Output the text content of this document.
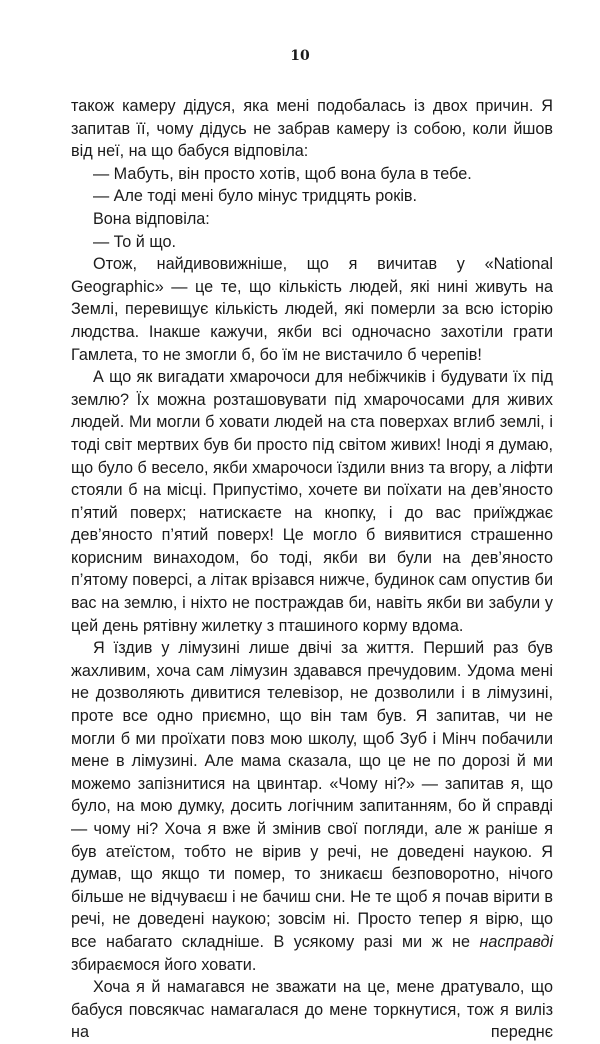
10

також камеру дідуся, яка мені подобалась із двох причин. Я запитав її, чому дідусь не забрав камеру із собою, коли йшов від неї, на що бабуся відповіла:

— Мабуть, він просто хотів, щоб вона була в тебе.

— Але тоді мені було мінус тридцять років.

Вона відповіла:

— То й що.

Отож, найдивовижніше, що я вичитав у «National Geographic» — це те, що кількість людей, які нині живуть на Землі, перевищує кількість людей, які померли за всю історію людства. Інакше кажучи, якби всі одночасно захотіли грати Гамлета, то не змогли б, бо їм не вистачило б черепів!

А що як вигадати хмарочоси для небіжчиків і будувати їх під землю? Їх можна розташовувати під хмарочосами для живих людей. Ми могли б ховати людей на ста поверхах вглиб землі, і тоді світ мертвих був би просто під світом живих! Іноді я думаю, що було б весело, якби хмарочоси їздили вниз та вгору, а ліфти стояли б на місці. Припустімо, хочете ви поїхати на дев’яносто п’ятий поверх; натискаєте на кнопку, і до вас приїжджає дев’яносто п’ятий поверх! Це могло б виявитися страшенно корисним винаходом, бо тоді, якби ви були на дев’яносто п’ятому поверсі, а літак врізався нижче, будинок сам опустив би вас на землю, і ніхто не постраждав би, навіть якби ви забули у цей день рятівну жилетку з пташиного корму вдома.

Я їздив у лімузині лише двічі за життя. Перший раз був жахливим, хоча сам лімузин здавався пречудовим. Удома мені не дозволяють дивитися телевізор, не дозволили і в лімузині, проте все одно приємно, що він там був. Я запитав, чи не могли б ми проїхати повз мою школу, щоб Зуб і Мінч побачили мене в лімузині. Але мама сказала, що це не по дорозі й ми можемо запізнитися на цвинтар. «Чому ні?» — запитав я, що було, на мою думку, досить логічним запитанням, бо й справді — чому ні? Хоча я вже й змінив свої погляди, але ж раніше я був атеїстом, тобто не вірив у речі, не доведені наукою. Я думав, що якщо ти помер, то зникаєш безповоротно, нічого більше не відчуваєш і не бачиш сни. Не те щоб я почав вірити в речі, не доведені наукою; зовсім ні. Просто тепер я вірю, що все набагато складніше. В усякому разі ми ж не насправді збираємося його ховати.

Хоча я й намагався не зважати на це, мене дратувало, що бабуся повсякчас намагалася до мене торкнутися, тож я виліз на переднє
